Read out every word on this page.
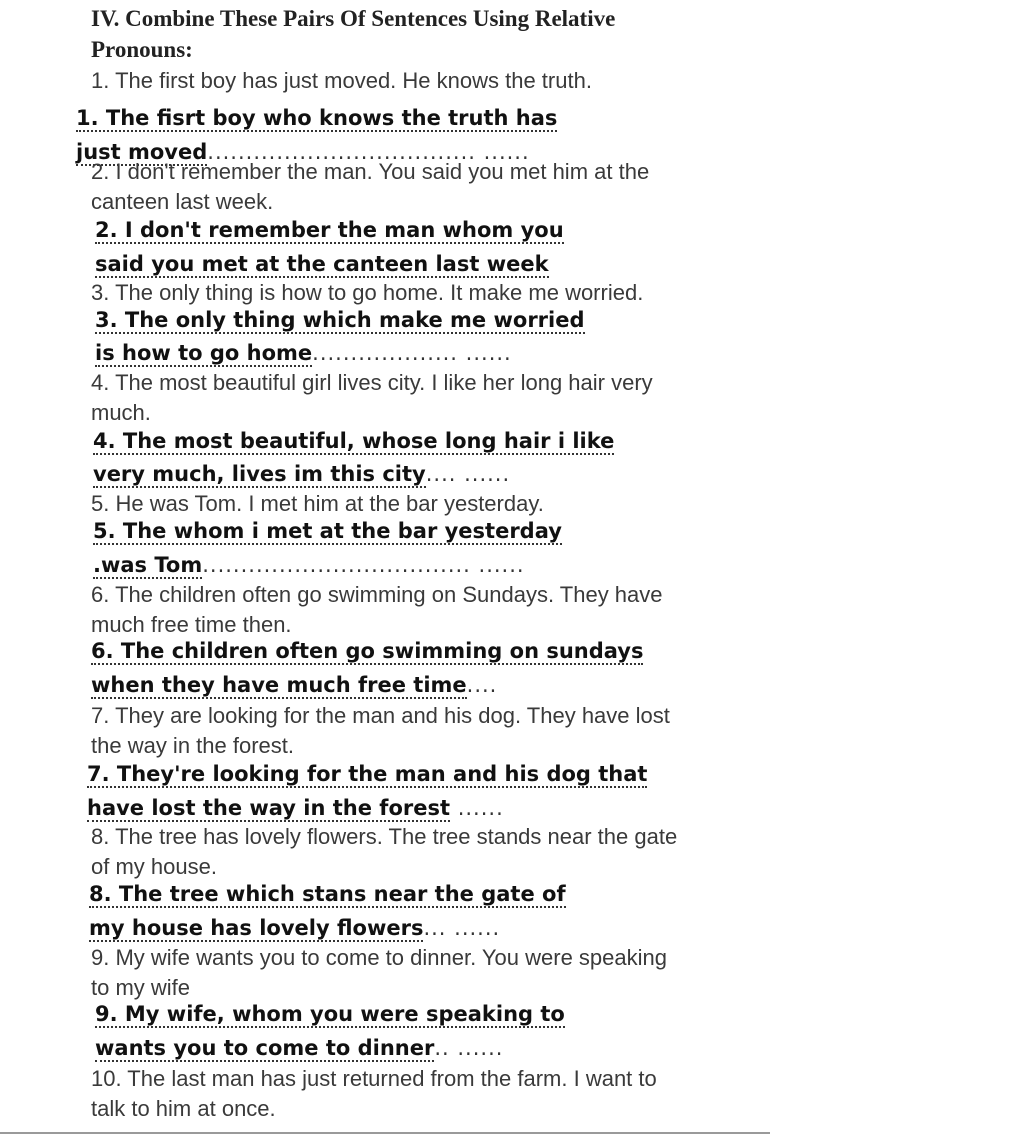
IV. Combine These Pairs Of Sentences Using Relative
Pronouns:
1. The first boy has just moved. He knows the truth.
1. The fisrt boy who knows the truth has
just moved................................... ......
2. I don't remember the man. You said you met him at the
canteen last week.
2. I don't remember the man whom you
said you met at the canteen last week
3. The only thing is how to go home. It make me worried.
3. The only thing which make me worried
is how to go home................... ......
4. The most beautiful girl lives city. I like her long hair very
much.
4. The most beautiful, whose long hair i like
very much, lives im this city.... ......
5. He was Tom. I met him at the bar yesterday.
5. The whom i met at the bar yesterday
.was Tom................................... ......
6. The children often go swimming on Sundays. They have
much free time then.
6. The children often go swimming on sundays
when they have much free time....
7. They are looking for the man and his dog. They have lost
the way in the forest.
7. They're looking for the man and his dog that
have lost the way in the forest ......
8. The tree has lovely flowers. The tree stands near the gate
of my house.
8. The tree which stans near the gate of
my house has lovely flowers... ......
9. My wife wants you to come to dinner. You were speaking
to my wife
9. My wife, whom you were speaking to
wants you to come to dinner.. ......
10. The last man has just returned from the farm. I want to
talk to him at once.
